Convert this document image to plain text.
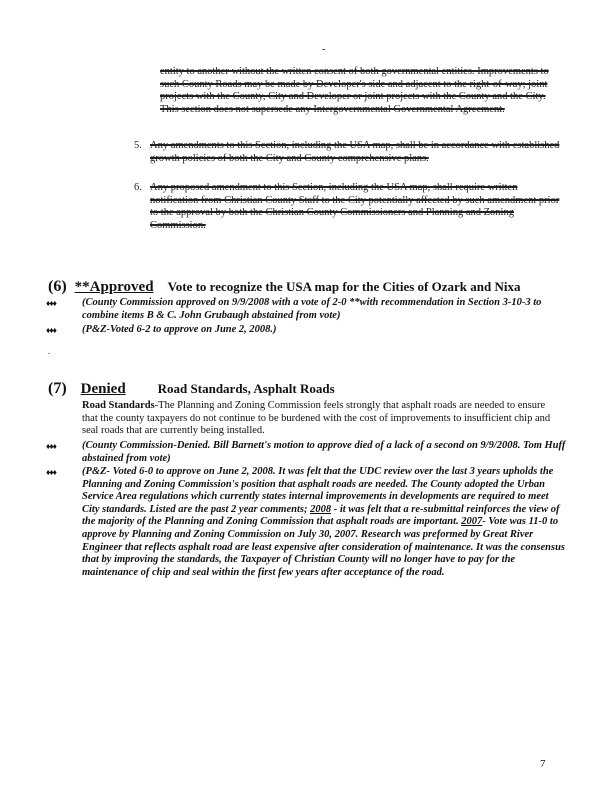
-

entity to another without the written consent of both governmental entities. Improvements to such County Roads may be made by Developer's side and adjacent to the right-of-way; joint projects with the County, City and Developer or joint projects with the County and the City. This section does not supersede any Intergovernmental Governmental Agreement.

5. Any amendments to this Section, including the USA map, shall be in accordance with established growth policies of both the City and County comprehensive plans.
6. Any proposed amendment to this Section, including the USA map, shall require written notification from Christian County Staff to the City potentially affected by such amendment prior to the approval by both the Christian County Commissioners and Planning and Zoning Commission.
(6) **Approved Vote to recognize the USA map for the Cities of Ozark and Nixa
♦♦♦ (County Commission approved on 9/9/2008 with a vote of 2-0 **with recommendation in Section 3-10-3 to combine items B & C. John Grubaugh abstained from vote)
♦♦♦ (P&Z-Voted 6-2 to approve on June 2, 2008.)
.
(7) Denied Road Standards, Asphalt Roads
Road Standards-The Planning and Zoning Commission feels strongly that asphalt roads are needed to ensure that the county taxpayers do not continue to be burdened with the cost of improvements to insufficient chip and seal roads that are currently being installed.
♦♦♦ (County Commission-Denied. Bill Barnett's motion to approve died of a lack of a second on 9/9/2008. Tom Huff abstained from vote)
♦♦♦ (P&Z- Voted 6-0 to approve on June 2, 2008. It was felt that the UDC review over the last 3 years upholds the Planning and Zoning Commission's position that asphalt roads are needed. The County adopted the Urban Service Area regulations which currently states internal improvements in developments are required to meet City standards. Listed are the past 2 year comments; 2008 - it was felt that a re-submittal reinforces the view of the majority of the Planning and Zoning Commission that asphalt roads are important. 2007- Vote was 11-0 to approve by Planning and Zoning Commission on July 30, 2007. Research was preformed by Great River Engineer that reflects asphalt road are least expensive after consideration of maintenance. It was the consensus that by improving the standards, the Taxpayer of Christian County will no longer have to pay for the maintenance of chip and seal within the first few years after acceptance of the road.
7
